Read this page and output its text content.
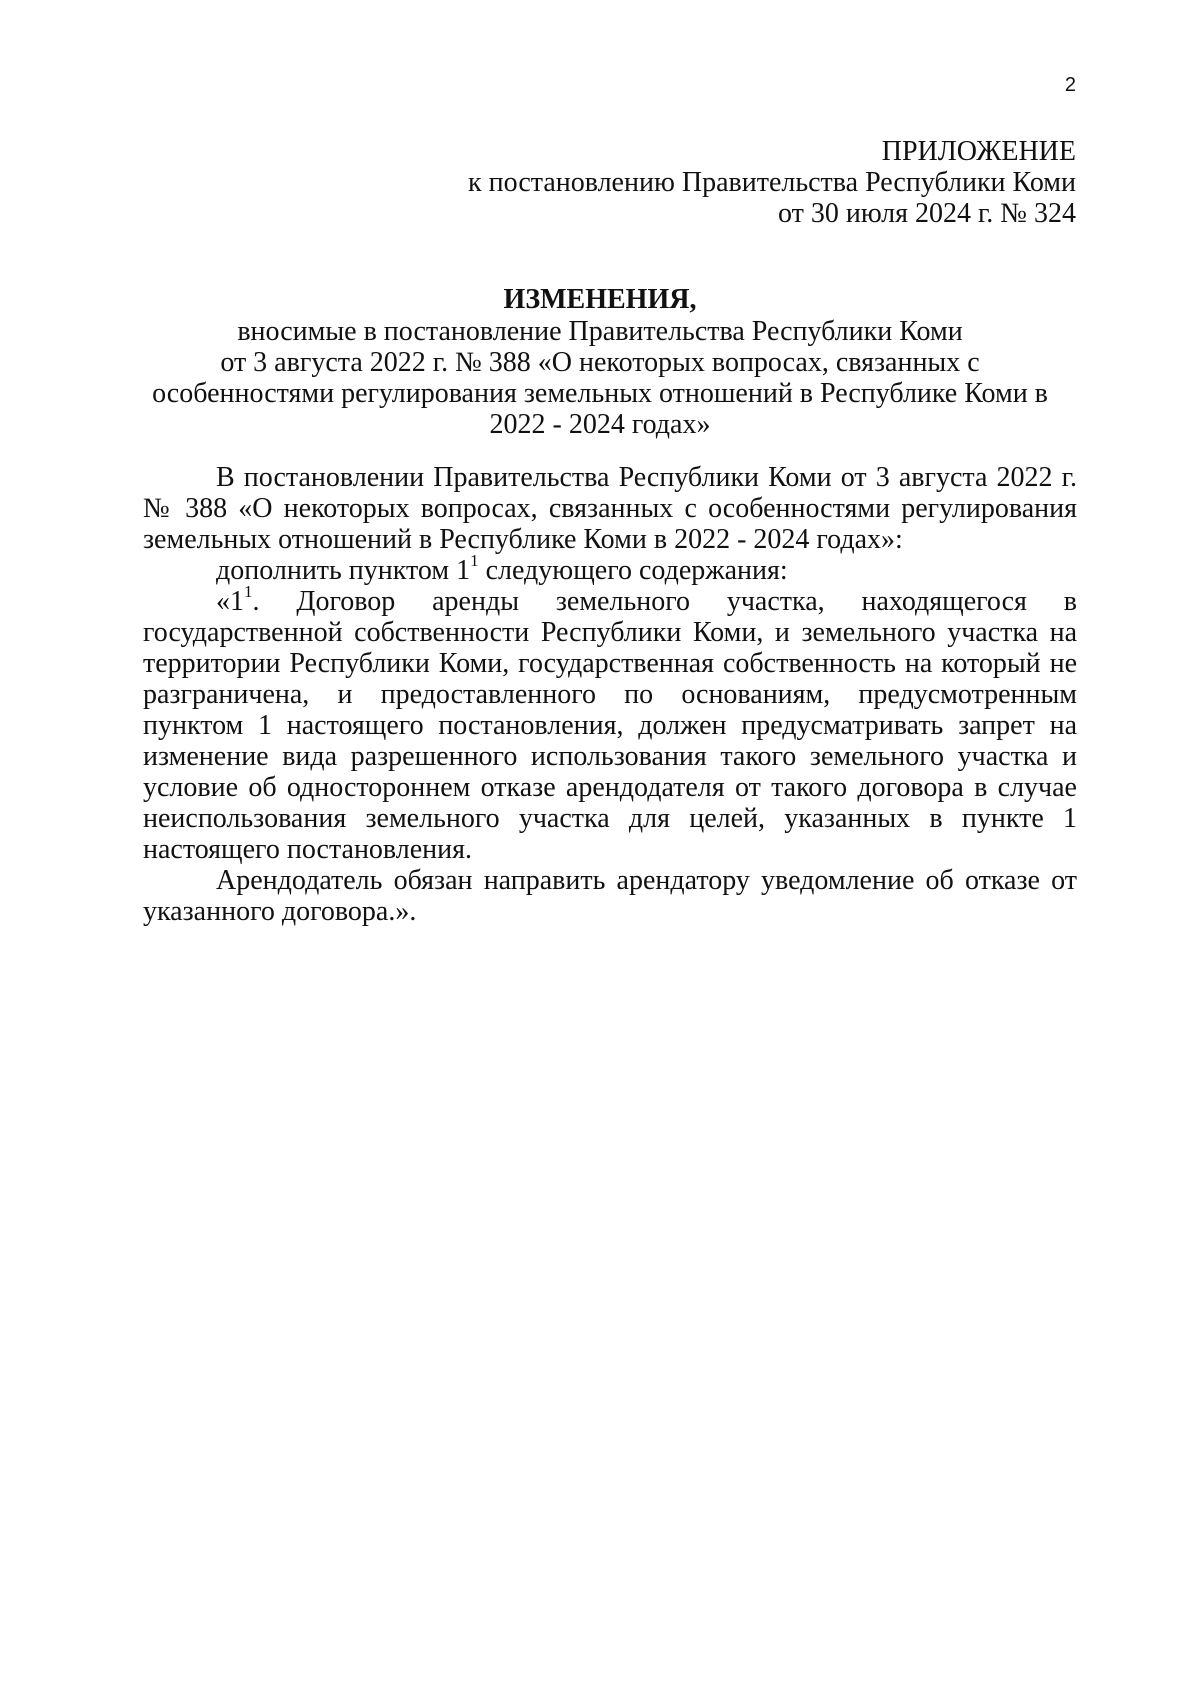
2
ПРИЛОЖЕНИЕ
к постановлению Правительства Республики Коми
от 30 июля 2024 г. № 324
ИЗМЕНЕНИЯ,
вносимые в постановление Правительства Республики Коми
от 3 августа 2022 г. № 388 «О некоторых вопросах, связанных с
особенностями регулирования земельных отношений в Республике Коми в
2022 - 2024 годах»

В постановлении Правительства Республики Коми от 3 августа 2022 г. № 388 «О некоторых вопросах, связанных с особенностями регулирования земельных отношений в Республике Коми в 2022 - 2024 годах»:

дополнить пунктом $1^1$ следующего содержания:

«$1^1$. Договор аренды земельного участка, находящегося в государственной собственности Республики Коми, и земельного участка на территории Республики Коми, государственная собственность на который не разграничена, и предоставленного по основаниям, предусмотренным пунктом 1 настоящего постановления, должен предусматривать запрет на изменение вида разрешенного использования такого земельного участка и условие об одностороннем отказе арендодателя от такого договора в случае неиспользования земельного участка для целей, указанных в пункте 1 настоящего постановления.

Арендодатель обязан направить арендатору уведомление об отказе от указанного договора.».
